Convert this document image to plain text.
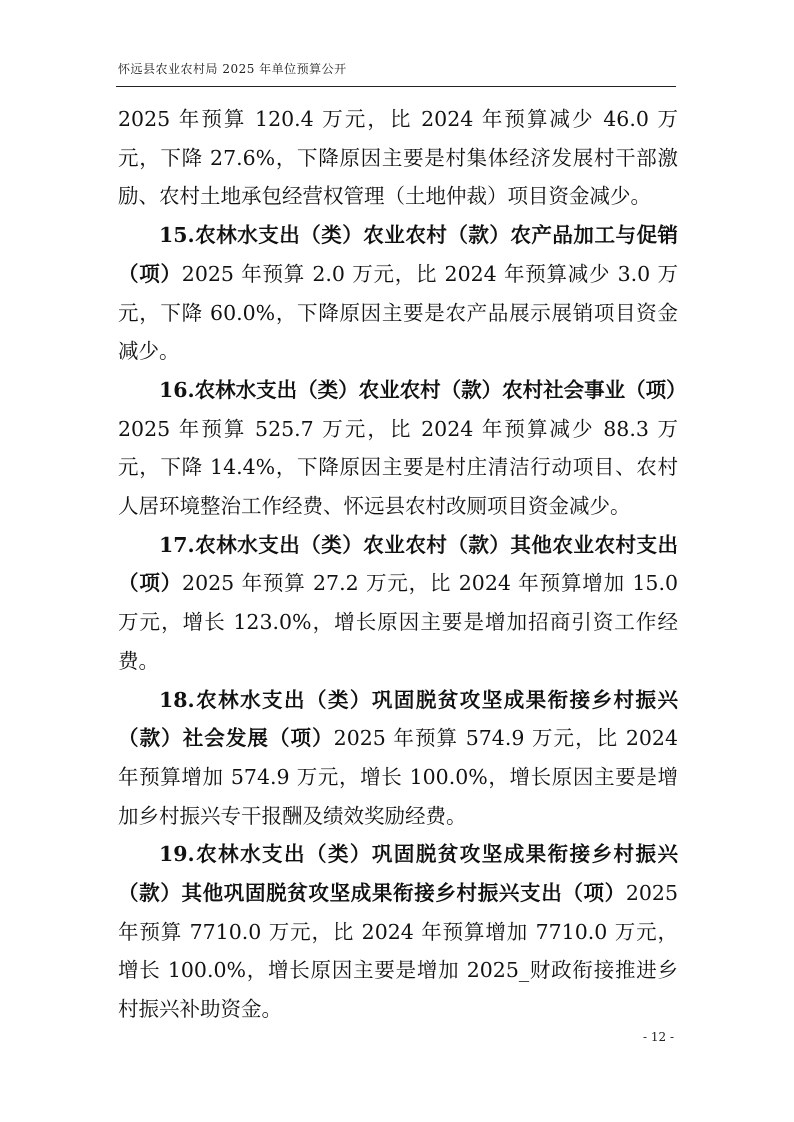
怀远县农业农村局 2025 年单位预算公开

2025 年预算 120.4 万元，比 2024 年预算减少 46.0 万元，下降 27.6%，下降原因主要是村集体经济发展村干部激励、农村土地承包经营权管理（土地仲裁）项目资金减少。

15.农林水支出（类）农业农村（款）农产品加工与促销（项）2025 年预算 2.0 万元，比 2024 年预算减少 3.0 万元，下降 60.0%，下降原因主要是农产品展示展销项目资金减少。

16.农林水支出（类）农业农村（款）农村社会事业（项）2025 年预算 525.7 万元，比 2024 年预算减少 88.3 万元，下降 14.4%，下降原因主要是村庄清洁行动项目、农村人居环境整治工作经费、怀远县农村改厕项目资金减少。

17.农林水支出（类）农业农村（款）其他农业农村支出（项）2025 年预算 27.2 万元，比 2024 年预算增加 15.0 万元，增长 123.0%，增长原因主要是增加招商引资工作经费。

18.农林水支出（类）巩固脱贫攻坚成果衔接乡村振兴（款）社会发展（项）2025 年预算 574.9 万元，比 2024 年预算增加 574.9 万元，增长 100.0%，增长原因主要是增加乡村振兴专干报酬及绩效奖励经费。

19.农林水支出（类）巩固脱贫攻坚成果衔接乡村振兴（款）其他巩固脱贫攻坚成果衔接乡村振兴支出（项）2025 年预算 7710.0 万元，比 2024 年预算增加 7710.0 万元，增长 100.0%，增长原因主要是增加 2025_财政衔接推进乡村振兴补助资金。

- 12 -
